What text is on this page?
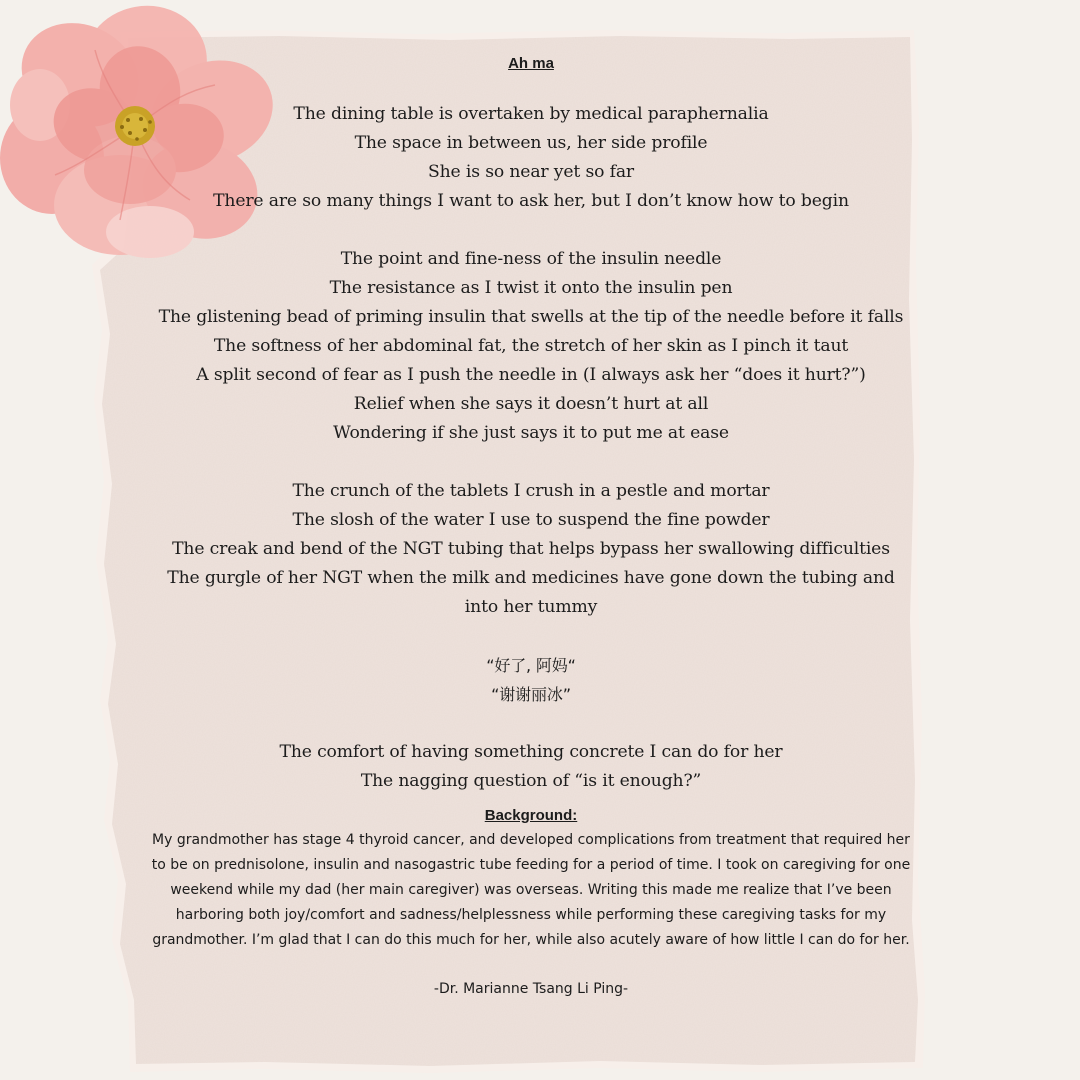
Ah ma
The dining table is overtaken by medical paraphernalia
The space in between us, her side profile
She is so near yet so far
There are so many things I want to ask her, but I don’t know how to begin
The point and fine-ness of the insulin needle
The resistance as I twist it onto the insulin pen
The glistening bead of priming insulin that swells at the tip of the needle before it falls
The softness of her abdominal fat, the stretch of her skin as I pinch it taut
A split second of fear as I push the needle in (I always ask her “does it hurt?”)
Relief when she says it doesn’t hurt at all
Wondering if she just says it to put me at ease
The crunch of the tablets I crush in a pestle and mortar
The slosh of the water I use to suspend the fine powder
The creak and bend of the NGT tubing that helps bypass her swallowing difficulties
The gurgle of her NGT when the milk and medicines have gone down the tubing and into her tummy
“好了, 阿妈“
“谢谢丽冰”
The comfort of having something concrete I can do for her
The nagging question of “is it enough?”
Background:

My grandmother has stage 4 thyroid cancer, and developed complications from treatment that required her to be on prednisolone, insulin and nasogastric tube feeding for a period of time. I took on caregiving for one weekend while my dad (her main caregiver) was overseas. Writing this made me realize that I’ve been harboring both joy/comfort and sadness/helplessness while performing these caregiving tasks for my grandmother. I’m glad that I can do this much for her, while also acutely aware of how little I can do for her.

-Dr. Marianne Tsang Li Ping-
